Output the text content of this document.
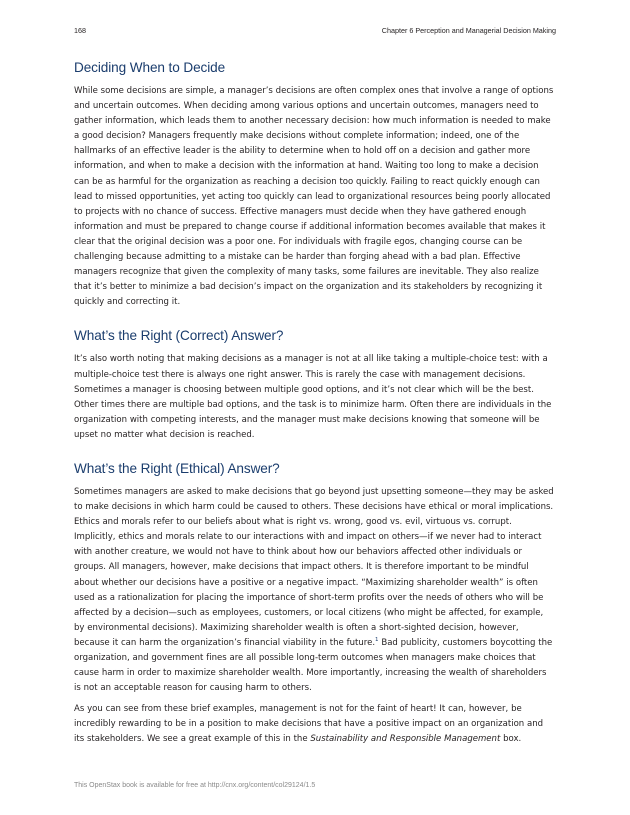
168	Chapter 6 Perception and Managerial Decision Making
Deciding When to Decide

While some decisions are simple, a manager’s decisions are often complex ones that involve a range of options and uncertain outcomes. When deciding among various options and uncertain outcomes, managers need to gather information, which leads them to another necessary decision: how much information is needed to make a good decision? Managers frequently make decisions without complete information; indeed, one of the hallmarks of an effective leader is the ability to determine when to hold off on a decision and gather more information, and when to make a decision with the information at hand. Waiting too long to make a decision can be as harmful for the organization as reaching a decision too quickly. Failing to react quickly enough can lead to missed opportunities, yet acting too quickly can lead to organizational resources being poorly allocated to projects with no chance of success. Effective managers must decide when they have gathered enough information and must be prepared to change course if additional information becomes available that makes it clear that the original decision was a poor one. For individuals with fragile egos, changing course can be challenging because admitting to a mistake can be harder than forging ahead with a bad plan. Effective managers recognize that given the complexity of many tasks, some failures are inevitable. They also realize that it’s better to minimize a bad decision’s impact on the organization and its stakeholders by recognizing it quickly and correcting it.

What’s the Right (Correct) Answer?

It’s also worth noting that making decisions as a manager is not at all like taking a multiple-choice test: with a multiple-choice test there is always one right answer. This is rarely the case with management decisions. Sometimes a manager is choosing between multiple good options, and it’s not clear which will be the best. Other times there are multiple bad options, and the task is to minimize harm. Often there are individuals in the organization with competing interests, and the manager must make decisions knowing that someone will be upset no matter what decision is reached.

What’s the Right (Ethical) Answer?

Sometimes managers are asked to make decisions that go beyond just upsetting someone—they may be asked to make decisions in which harm could be caused to others. These decisions have ethical or moral implications. Ethics and morals refer to our beliefs about what is right vs. wrong, good vs. evil, virtuous vs. corrupt. Implicitly, ethics and morals relate to our interactions with and impact on others—if we never had to interact with another creature, we would not have to think about how our behaviors affected other individuals or groups. All managers, however, make decisions that impact others. It is therefore important to be mindful about whether our decisions have a positive or a negative impact. “Maximizing shareholder wealth” is often used as a rationalization for placing the importance of short-term profits over the needs of others who will be affected by a decision—such as employees, customers, or local citizens (who might be affected, for example, by environmental decisions). Maximizing shareholder wealth is often a short-sighted decision, however, because it can harm the organization’s financial viability in the future.$^1$ Bad publicity, customers boycotting the organization, and government fines are all possible long-term outcomes when managers make choices that cause harm in order to maximize shareholder wealth. More importantly, increasing the wealth of shareholders is not an acceptable reason for causing harm to others.

As you can see from these brief examples, management is not for the faint of heart! It can, however, be incredibly rewarding to be in a position to make decisions that have a positive impact on an organization and its stakeholders. We see a great example of this in the Sustainability and Responsible Management box.

This OpenStax book is available for free at http://cnx.org/content/col29124/1.5
